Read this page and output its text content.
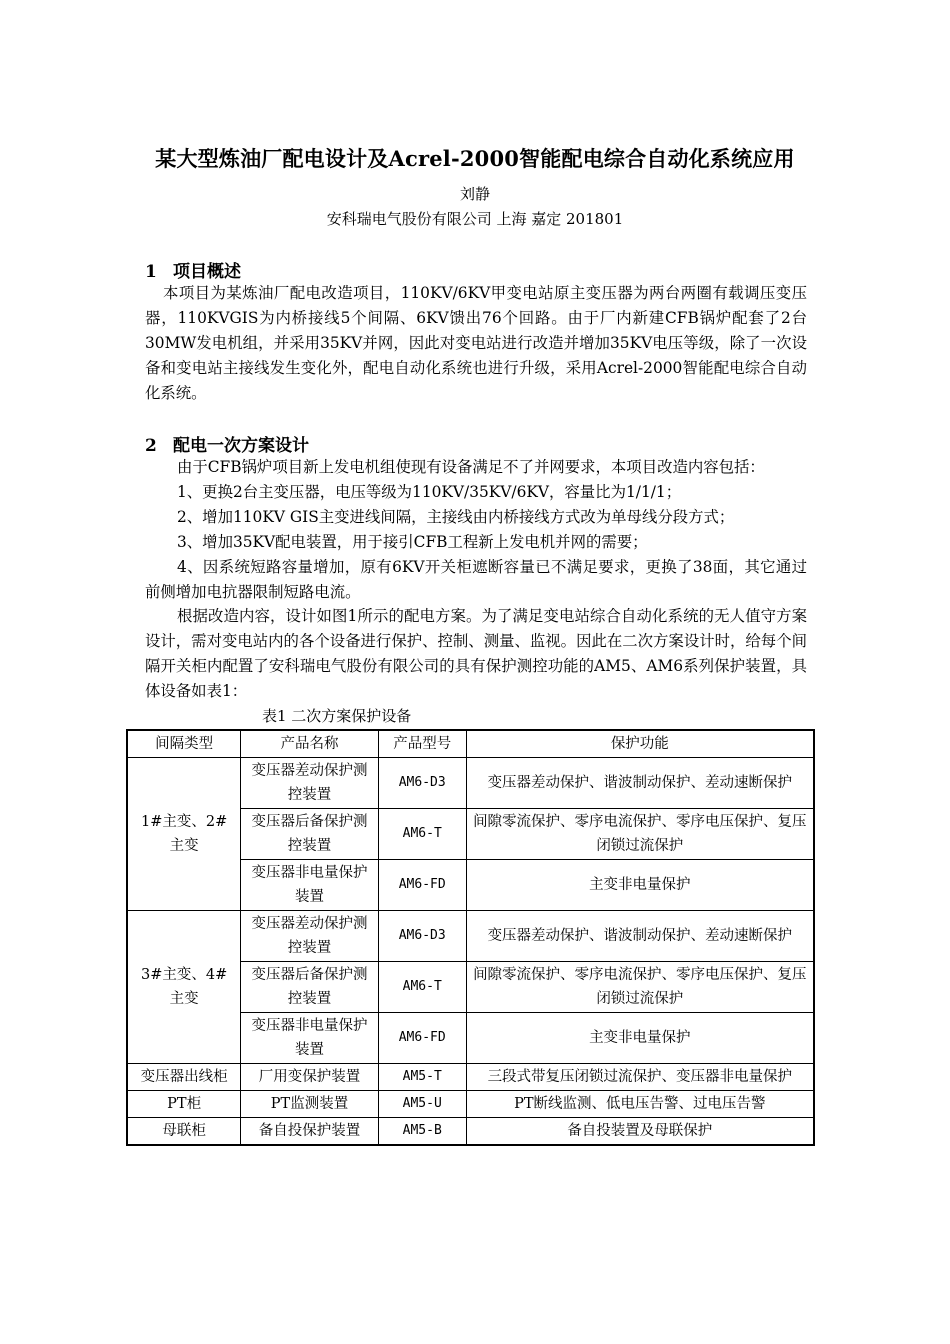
某大型炼油厂配电设计及Acrel-2000智能配电综合自动化系统应用
刘静
安科瑞电气股份有限公司 上海 嘉定 201801
1 项目概述
本项目为某炼油厂配电改造项目，110KV/6KV甲变电站原主变压器为两台两圈有载调压变压器，110KVGIS为内桥接线5个间隔、6KV馈出76个回路。由于厂内新建CFB锅炉配套了2台30MW发电机组，并采用35KV并网，因此对变电站进行改造并增加35KV电压等级，除了一次设备和变电站主接线发生变化外，配电自动化系统也进行升级，采用Acrel-2000智能配电综合自动化系统。
2 配电一次方案设计
由于CFB锅炉项目新上发电机组使现有设备满足不了并网要求，本项目改造内容包括：
1、更换2台主变压器，电压等级为110KV/35KV/6KV，容量比为1/1/1；
2、增加110KV GIS主变进线间隔，主接线由内桥接线方式改为单母线分段方式；
3、增加35KV配电装置，用于接引CFB工程新上发电机并网的需要；
4、因系统短路容量增加，原有6KV开关柜遮断容量已不满足要求，更换了38面，其它通过前侧增加电抗器限制短路电流。
根据改造内容，设计如图1所示的配电方案。为了满足变电站综合自动化系统的无人值守方案设计，需对变电站内的各个设备进行保护、控制、测量、监视。因此在二次方案设计时，给每个间隔开关柜内配置了安科瑞电气股份有限公司的具有保护测控功能的AM5、AM6系列保护装置，具体设备如表1：
表1 二次方案保护设备
间隔类型	产品名称	产品型号	保护功能
1#主变、2#主变	变压器差动保护测控装置	AM6-D3	变压器差动保护、谐波制动保护、差动速断保护
	变压器后备保护测控装置	AM6-T	间隙零流保护、零序电流保护、零序电压保护、复压闭锁过流保护
	变压器非电量保护装置	AM6-FD	主变非电量保护
3#主变、4#主变	变压器差动保护测控装置	AM6-D3	变压器差动保护、谐波制动保护、差动速断保护
	变压器后备保护测控装置	AM6-T	间隙零流保护、零序电流保护、零序电压保护、复压闭锁过流保护
	变压器非电量保护装置	AM6-FD	主变非电量保护
变压器出线柜	厂用变保护装置	AM5-T	三段式带复压闭锁过流保护、变压器非电量保护
PT柜	PT监测装置	AM5-U	PT断线监测、低电压告警、过电压告警
母联柜	备自投保护装置	AM5-B	备自投装置及母联保护
